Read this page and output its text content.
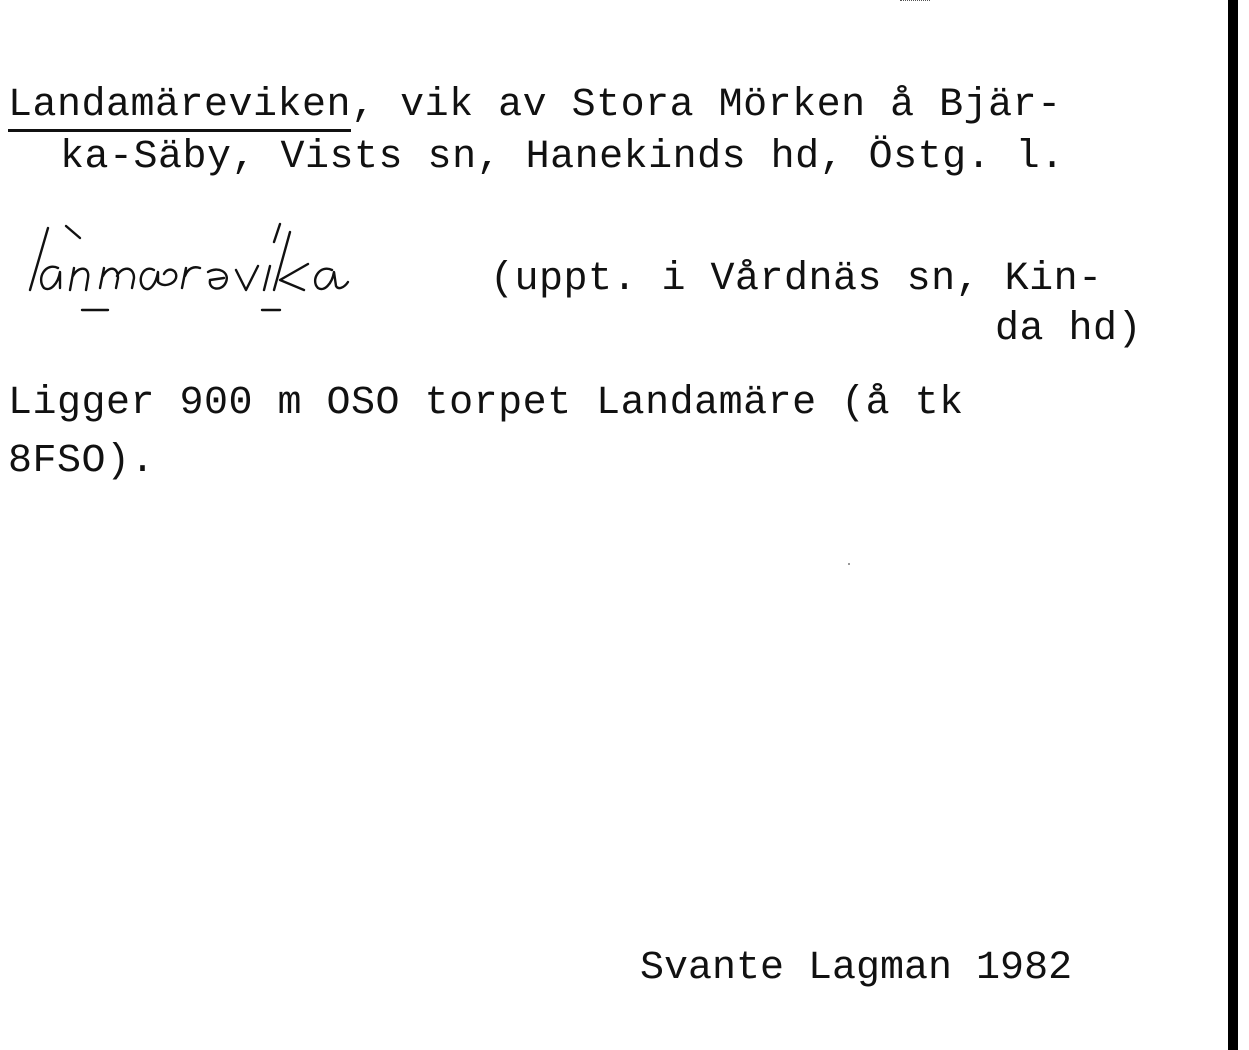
Landamäreviken, vik av Stora Mörken å Bjär-
ka-Säby, Vists sn, Hanekinds hd, Östg. l.
(uppt. i Vårdnäs sn, Kin-
da hd)
Ligger 900 m OSO torpet Landamäre (å tk
8FSO).
Svante Lagman 1982
